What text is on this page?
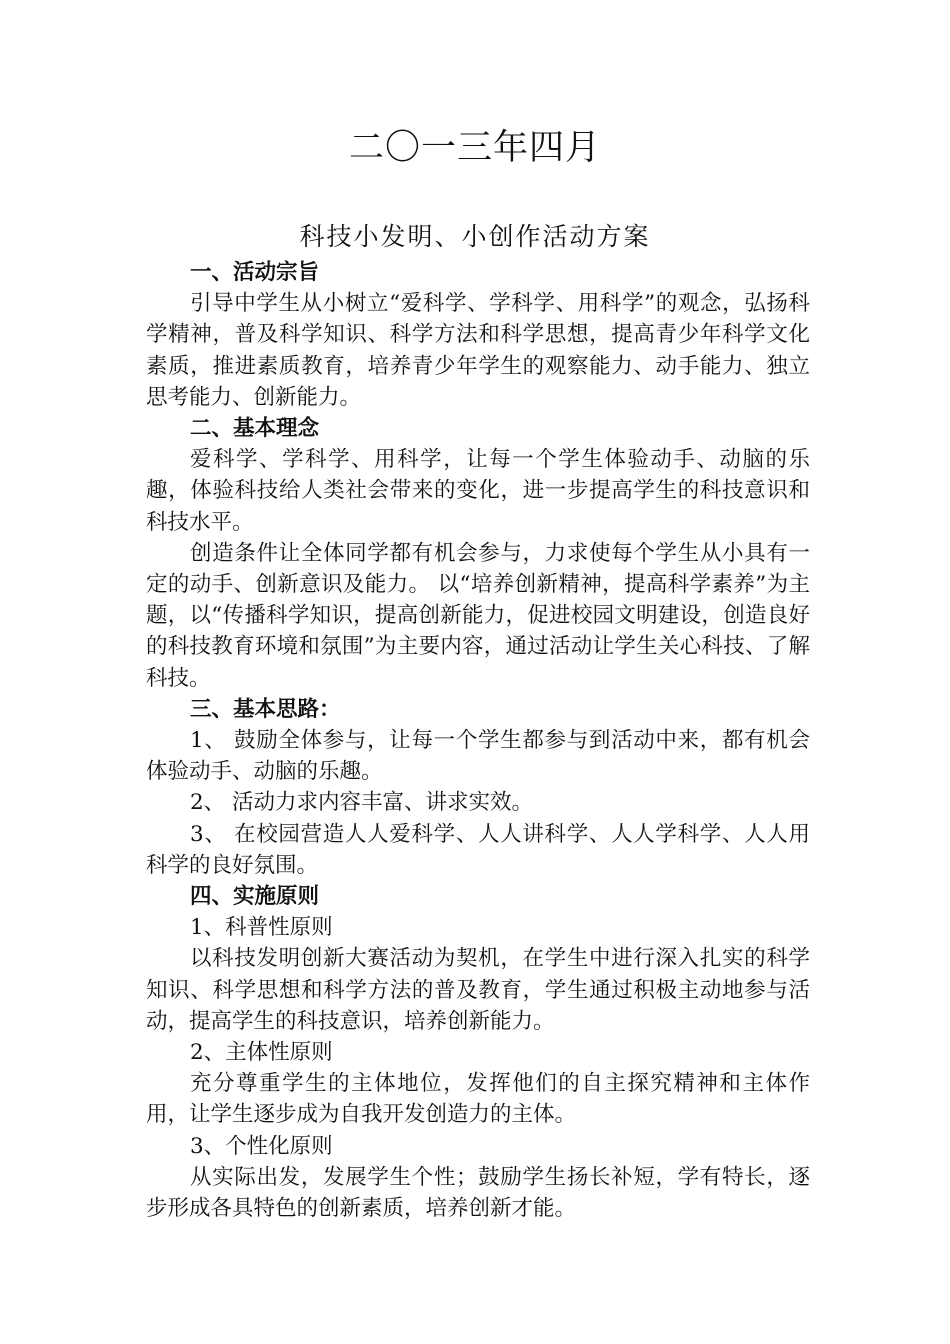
二〇一三年四月
科技小发明、小创作活动方案

一、活动宗旨

引导中学生从小树立“爱科学、学科学、用科学”的观念，弘扬科学精神，普及科学知识、科学方法和科学思想，提高青少年科学文化素质，推进素质教育，培养青少年学生的观察能力、动手能力、独立思考能力、创新能力。

二、基本理念

爱科学、学科学、用科学，让每一个学生体验动手、动脑的乐趣，体验科技给人类社会带来的变化，进一步提高学生的科技意识和科技水平。

创造条件让全体同学都有机会参与，力求使每个学生从小具有一定的动手、创新意识及能力。 以“培养创新精神，提高科学素养”为主题，以“传播科学知识，提高创新能力，促进校园文明建设，创造良好的科技教育环境和氛围”为主要内容，通过活动让学生关心科技、了解科技。

三、基本思路：

1、 鼓励全体参与，让每一个学生都参与到活动中来，都有机会体验动手、动脑的乐趣。

2、 活动力求内容丰富、讲求实效。

3、 在校园营造人人爱科学、人人讲科学、人人学科学、人人用科学的良好氛围。

四、实施原则

1、科普性原则

以科技发明创新大赛活动为契机，在学生中进行深入扎实的科学知识、科学思想和科学方法的普及教育，学生通过积极主动地参与活动，提高学生的科技意识，培养创新能力。

2、主体性原则

充分尊重学生的主体地位，发挥他们的自主探究精神和主体作用，让学生逐步成为自我开发创造力的主体。

3、个性化原则

从实际出发，发展学生个性；鼓励学生扬长补短，学有特长，逐步形成各具特色的创新素质，培养创新才能。
